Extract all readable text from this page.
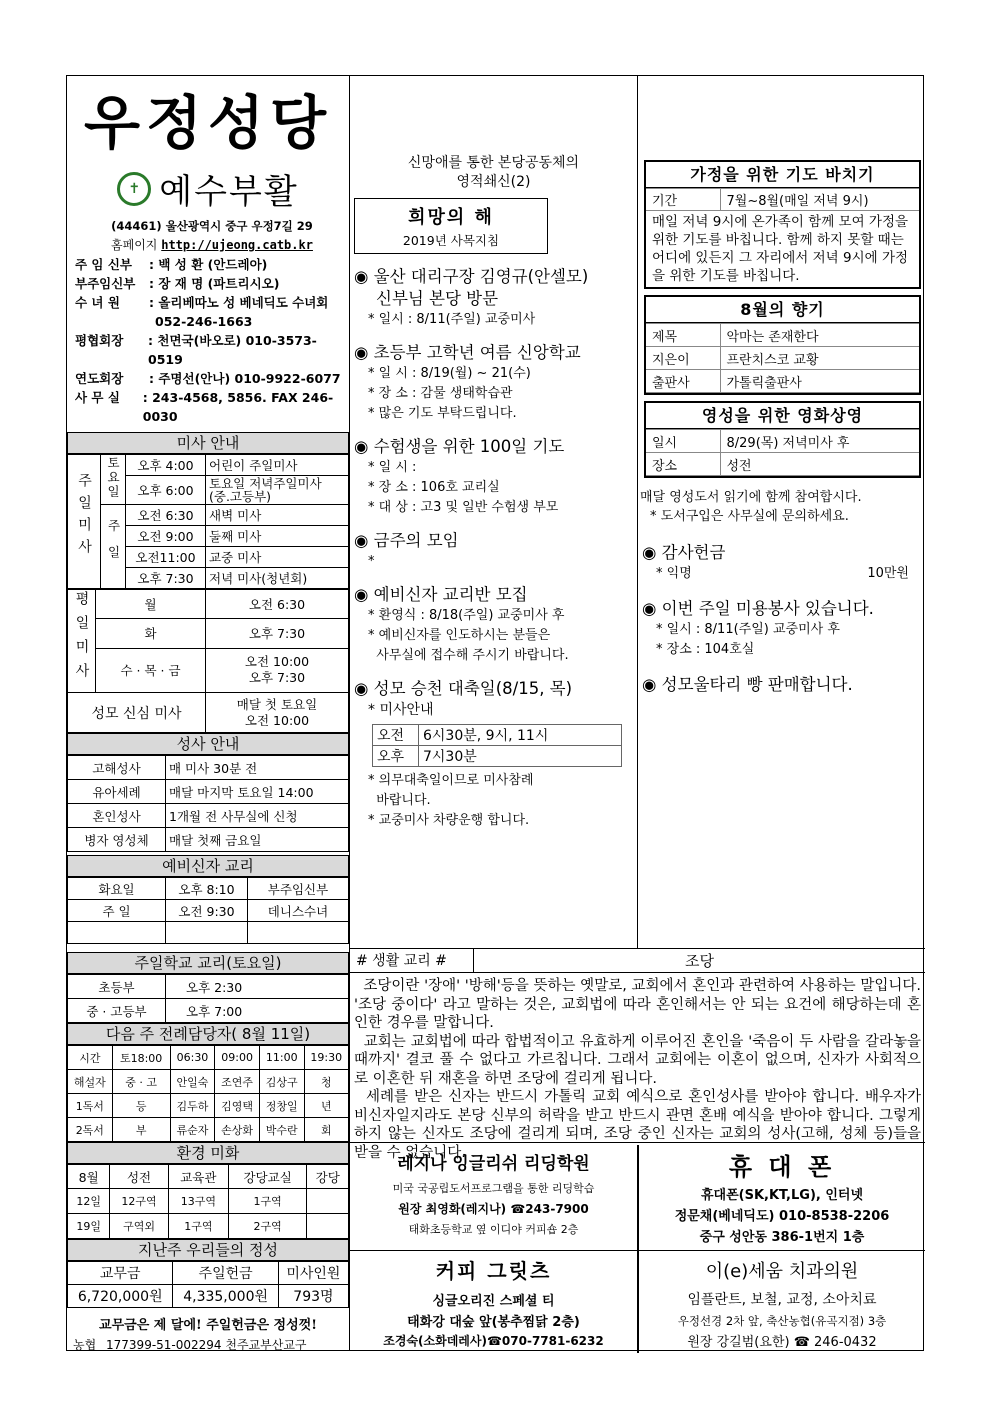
우정성당
✝ 예수부활
(44461) 울산광역시 중구 우정7길 29
홈페이지 http://ujeong.catb.kr
주 임 신부	: 백 성 환 (안드레아)
부주임신부	: 장 재 명 (파트리시오)
수 녀 원	: 올리베따노 성 베네딕도 수녀회
052-246-1663
평협회장	: 천면국(바오로) 010-3573-0519
연도회장	: 주명선(안나) 010-9922-6077
사 무 실	: 243-4568, 5856. FAX 246-0030
미사 안내
주일미사	토요일	오후 4:00	어린이 주일미사
		오후 6:00	토요일 저녁주일미사 (중.고등부)
	주일	오전 6:30	새벽 미사
		오전 9:00	둘째 미사
		오전11:00	교중 미사
		오후 7:30	저녁 미사(청년회)
평일미사	월	오전 6:30
	화	오후 7:30
	수 · 목 · 금	오전 10:00
오후 7:30
성모 신심 미사		매달 첫 토요일
오전 10:00
성사 안내
고해성사	매 미사 30분 전
유아세례	매달 마지막 토요일 14:00
혼인성사	1개월 전 사무실에 신청
병자 영성체	매달 첫째 금요일
예비신자 교리
화요일	오후 8:10	부주임신부
주 일	오전 9:30	데니스수녀

주일학교 교리(토요일)
초등부	오후 2:30
중 · 고등부	오후 7:00
다음 주 전례담당자( 8월 11일)
시간	토18:00	06:30	09:00	11:00	19:30
해설자	중 · 고	안일숙	조연주	김상구	청
1독서	등	김두하	김영택	정창일	년
2독서	부	류순자	손상화	박수란	회
환경 미화
8월	성전	교육관	강당교실	강당
12일	12구역	13구역	1구역	
19일	구역외	1구역	2구역	
지난주 우리들의 정성
교무금	주일헌금	미사인원
6,720,000원	4,335,000원	793명
교무금은 제 달에! 주일헌금은 정성껏!
농협 177399-51-002294 천주교부산교구
신망애를 통한 본당공동체의
영적쇄신(2)
희망의 해
2019년 사목지침
◉ 울산 대리구장 김영규(안셀모)
신부님 본당 방문
* 일시 : 8/11(주일) 교중미사
◉ 초등부 고학년 여름 신앙학교
* 일 시 : 8/19(월) ~ 21(수)
* 장 소 : 감물 생태학습관
* 많은 기도 부탁드립니다.
◉ 수험생을 위한 100일 기도
* 일 시 :
* 장 소 : 106호 교리실
* 대 상 : 고3 및 일반 수험생 부모
◉ 금주의 모임
*
◉ 예비신자 교리반 모집
* 환영식 : 8/18(주일) 교중미사 후
* 예비신자를 인도하시는 분들은
사무실에 접수해 주시기 바랍니다.
◉ 성모 승천 대축일(8/15, 목)
* 미사안내
오전	6시30분, 9시, 11시
오후	7시30분
* 의무대축일이므로 미사참례
바랍니다.
* 교중미사 차량운행 합니다.
가정을 위한 기도 바치기
기간	7월~8월(매일 저녁 9시)
매일 저녁 9시에 온가족이 함께 모여 가정을 위한 기도를 바칩니다. 함께 하지 못할 때는 어디에 있든지 그 자리에서 저녁 9시에 가정을 위한 기도를 바칩니다.
8월의 향기
제목	악마는 존재한다
지은이	프란치스코 교황
출판사	가톨릭출판사
영성을 위한 영화상영
일시	8/29(목) 저녁미사 후
장소	성전
매달 영성도서 읽기에 함께 참여합시다.
* 도서구입은 사무실에 문의하세요.
◉ 감사헌금
* 익명	10만원
◉ 이번 주일 미용봉사 있습니다.
* 일시 : 8/11(주일) 교중미사 후
* 장소 : 104호실
◉ 성모울타리 빵 판매합니다.
# 생활 교리 #	조당
조당이란 '장애' '방해'등을 뜻하는 옛말로, 교회에서 혼인과 관련하여 사용하는 말입니다. '조당 중이다' 라고 말하는 것은, 교회법에 따라 혼인해서는 안 되는 요건에 해당하는데 혼인한 경우를 말합니다.
교회는 교회법에 따라 합법적이고 유효하게 이루어진 혼인을 '죽음이 두 사람을 갈라놓을 때까지' 결코 풀 수 없다고 가르칩니다. 그래서 교회에는 이혼이 없으며, 신자가 사회적으로 이혼한 뒤 재혼을 하면 조당에 걸리게 됩니다.
세례를 받은 신자는 반드시 가톨릭 교회 예식으로 혼인성사를 받아야 합니다. 배우자가 비신자일지라도 본당 신부의 허락을 받고 반드시 관면 혼배 예식을 받아야 합니다. 그렇게 하지 않는 신자도 조당에 걸리게 되며, 조당 중인 신자는 교회의 성사(고해, 성체 등)들을 받을 수 없습니다.
레지나 잉글리쉬 리딩학원
미국 국공립도서프로그램을 통한 리딩학습
원장 최영화(레지나) ☎243-7900
태화초등학교 옆 이디야 커피숍 2층
휴 대 폰
휴대폰(SK,KT,LG), 인터넷
정문채(베네딕도) 010-8538-2206
중구 성안동 386-1번지 1층
커피 그릿츠
싱글오리진 스페셜 티
태화강 대숲 앞(봉추찜닭 2층)
조경숙(소화데레사)☎070-7781-6232
이(e)세움 치과의원
임플란트, 보철, 교정, 소아치료
우정선경 2차 앞, 축산농협(유곡지점) 3층
원장 강길범(요한) ☎ 246-0432
